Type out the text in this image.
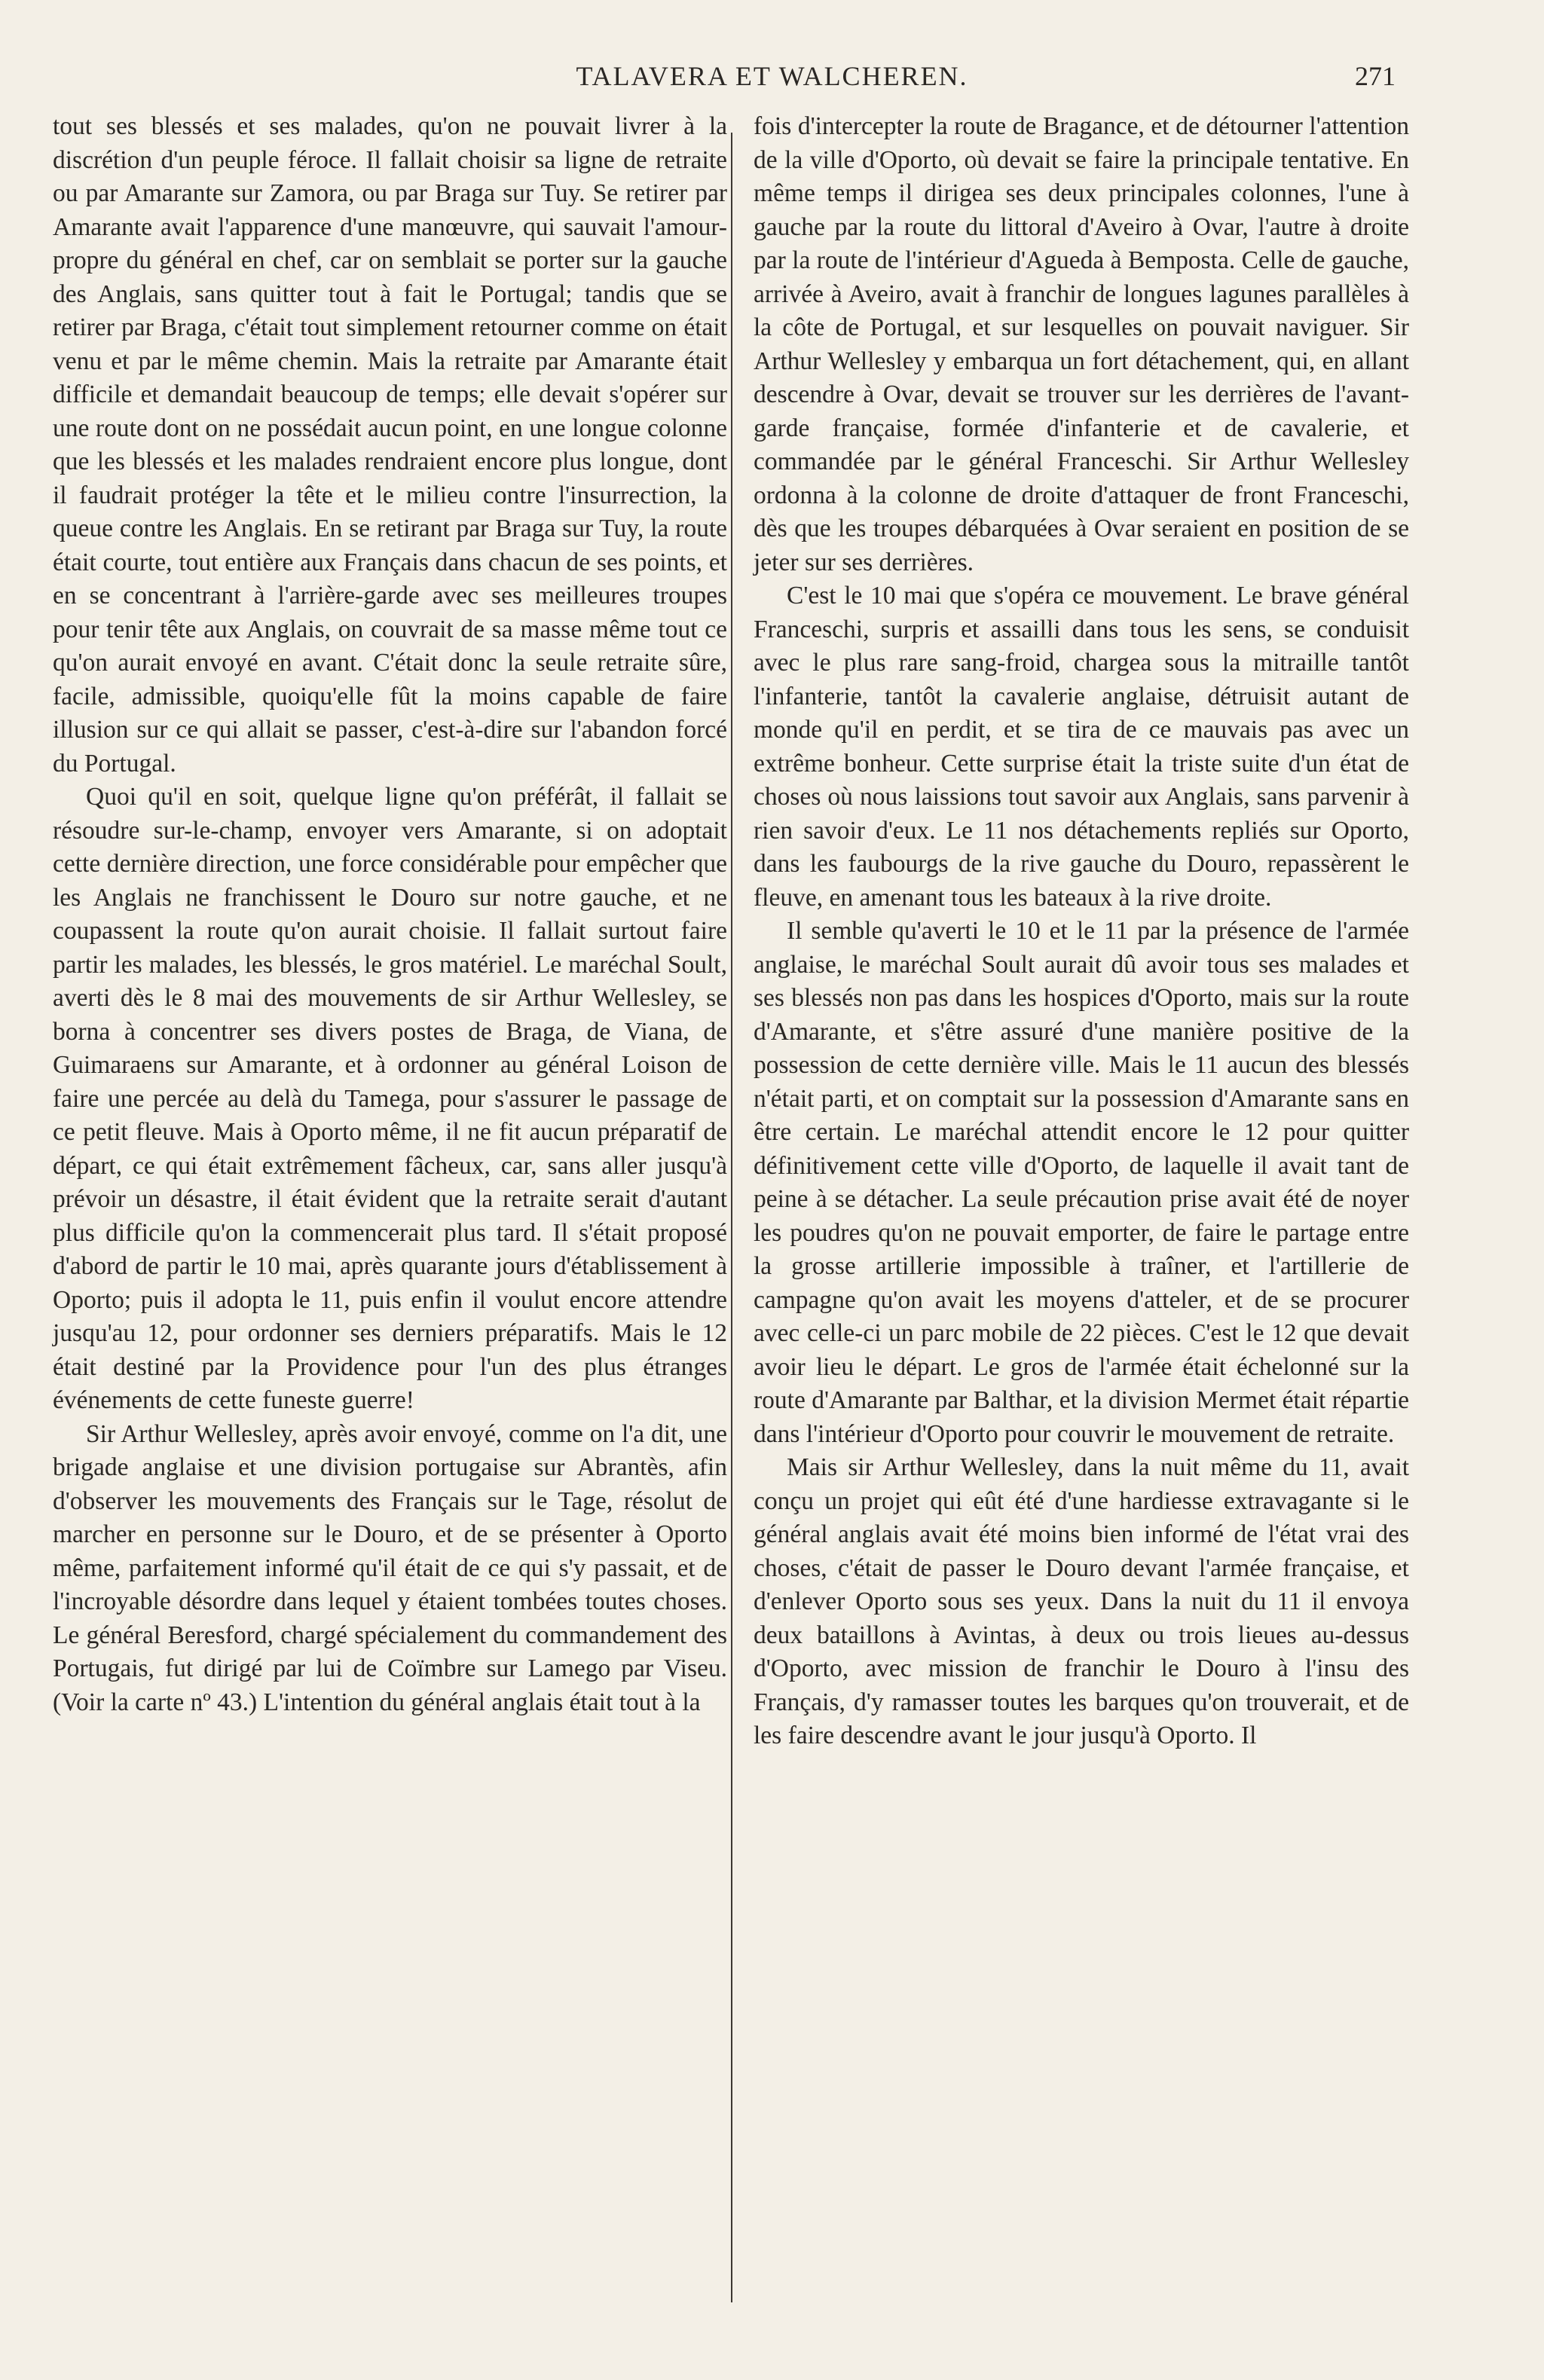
TALAVERA ET WALCHEREN.	271

tout ses blessés et ses malades, qu'on ne pouvait livrer à la discrétion d'un peuple féroce. Il fallait choisir sa ligne de retraite ou par Amarante sur Zamora, ou par Braga sur Tuy. Se retirer par Amarante avait l'apparence d'une manœuvre, qui sauvait l'amour-propre du général en chef, car on semblait se porter sur la gauche des Anglais, sans quitter tout à fait le Portugal; tandis que se retirer par Braga, c'était tout simplement retourner comme on était venu et par le même chemin. Mais la retraite par Amarante était difficile et demandait beaucoup de temps; elle devait s'opérer sur une route dont on ne possédait aucun point, en une longue colonne que les blessés et les malades rendraient encore plus longue, dont il faudrait protéger la tête et le milieu contre l'insurrection, la queue contre les Anglais. En se retirant par Braga sur Tuy, la route était courte, tout entière aux Français dans chacun de ses points, et en se concentrant à l'arrière-garde avec ses meilleures troupes pour tenir tête aux Anglais, on couvrait de sa masse même tout ce qu'on aurait envoyé en avant. C'était donc la seule retraite sûre, facile, admissible, quoiqu'elle fût la moins capable de faire illusion sur ce qui allait se passer, c'est-à-dire sur l'abandon forcé du Portugal.

Quoi qu'il en soit, quelque ligne qu'on préférât, il fallait se résoudre sur-le-champ, envoyer vers Amarante, si on adoptait cette dernière direction, une force considérable pour empêcher que les Anglais ne franchissent le Douro sur notre gauche, et ne coupassent la route qu'on aurait choisie. Il fallait surtout faire partir les malades, les blessés, le gros matériel. Le maréchal Soult, averti dès le 8 mai des mouvements de sir Arthur Wellesley, se borna à concentrer ses divers postes de Braga, de Viana, de Guimaraens sur Amarante, et à ordonner au général Loison de faire une percée au delà du Tamega, pour s'assurer le passage de ce petit fleuve. Mais à Oporto même, il ne fit aucun préparatif de départ, ce qui était extrêmement fâcheux, car, sans aller jusqu'à prévoir un désastre, il était évident que la retraite serait d'autant plus difficile qu'on la commencerait plus tard. Il s'était proposé d'abord de partir le 10 mai, après quarante jours d'établissement à Oporto; puis il adopta le 11, puis enfin il voulut encore attendre jusqu'au 12, pour ordonner ses derniers préparatifs. Mais le 12 était destiné par la Providence pour l'un des plus étranges événements de cette funeste guerre!

Sir Arthur Wellesley, après avoir envoyé, comme on l'a dit, une brigade anglaise et une division portugaise sur Abrantès, afin d'observer les mouvements des Français sur le Tage, résolut de marcher en personne sur le Douro, et de se présenter à Oporto même, parfaitement informé qu'il était de ce qui s'y passait, et de l'incroyable désordre dans lequel y étaient tombées toutes choses. Le général Beresford, chargé spécialement du commandement des Portugais, fut dirigé par lui de Coïmbre sur Lamego par Viseu. (Voir la carte nº 43.) L'intention du général anglais était tout à la

fois d'intercepter la route de Bragance, et de détourner l'attention de la ville d'Oporto, où devait se faire la principale tentative. En même temps il dirigea ses deux principales colonnes, l'une à gauche par la route du littoral d'Aveiro à Ovar, l'autre à droite par la route de l'intérieur d'Agueda à Bemposta. Celle de gauche, arrivée à Aveiro, avait à franchir de longues lagunes parallèles à la côte de Portugal, et sur lesquelles on pouvait naviguer. Sir Arthur Wellesley y embarqua un fort détachement, qui, en allant descendre à Ovar, devait se trouver sur les derrières de l'avant-garde française, formée d'infanterie et de cavalerie, et commandée par le général Franceschi. Sir Arthur Wellesley ordonna à la colonne de droite d'attaquer de front Franceschi, dès que les troupes débarquées à Ovar seraient en position de se jeter sur ses derrières.

C'est le 10 mai que s'opéra ce mouvement. Le brave général Franceschi, surpris et assailli dans tous les sens, se conduisit avec le plus rare sang-froid, chargea sous la mitraille tantôt l'infanterie, tantôt la cavalerie anglaise, détruisit autant de monde qu'il en perdit, et se tira de ce mauvais pas avec un extrême bonheur. Cette surprise était la triste suite d'un état de choses où nous laissions tout savoir aux Anglais, sans parvenir à rien savoir d'eux. Le 11 nos détachements repliés sur Oporto, dans les faubourgs de la rive gauche du Douro, repassèrent le fleuve, en amenant tous les bateaux à la rive droite.

Il semble qu'averti le 10 et le 11 par la présence de l'armée anglaise, le maréchal Soult aurait dû avoir tous ses malades et ses blessés non pas dans les hospices d'Oporto, mais sur la route d'Amarante, et s'être assuré d'une manière positive de la possession de cette dernière ville. Mais le 11 aucun des blessés n'était parti, et on comptait sur la possession d'Amarante sans en être certain. Le maréchal attendit encore le 12 pour quitter définitivement cette ville d'Oporto, de laquelle il avait tant de peine à se détacher. La seule précaution prise avait été de noyer les poudres qu'on ne pouvait emporter, de faire le partage entre la grosse artillerie impossible à traîner, et l'artillerie de campagne qu'on avait les moyens d'atteler, et de se procurer avec celle-ci un parc mobile de 22 pièces. C'est le 12 que devait avoir lieu le départ. Le gros de l'armée était échelonné sur la route d'Amarante par Balthar, et la division Mermet était répartie dans l'intérieur d'Oporto pour couvrir le mouvement de retraite.

Mais sir Arthur Wellesley, dans la nuit même du 11, avait conçu un projet qui eût été d'une hardiesse extravagante si le général anglais avait été moins bien informé de l'état vrai des choses, c'était de passer le Douro devant l'armée française, et d'enlever Oporto sous ses yeux. Dans la nuit du 11 il envoya deux bataillons à Avintas, à deux ou trois lieues au-dessus d'Oporto, avec mission de franchir le Douro à l'insu des Français, d'y ramasser toutes les barques qu'on trouverait, et de les faire descendre avant le jour jusqu'à Oporto. Il
